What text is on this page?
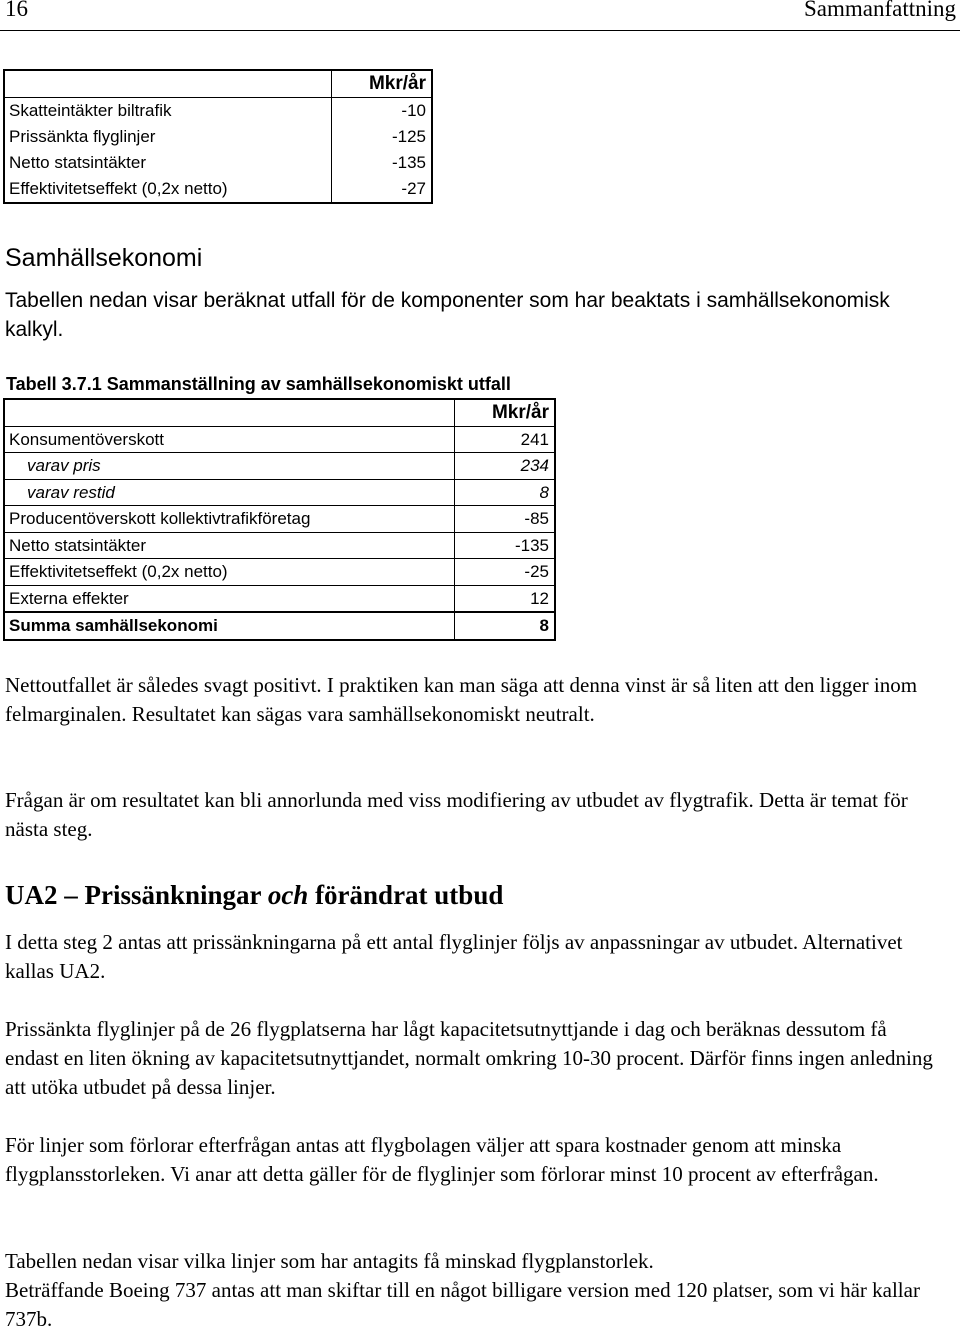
16	Sammanfattning
	Mkr/år
Skatteintäkter biltrafik	-10
Prissänkta flyglinjer	-125
Netto statsintäkter	-135
Effektivitetseffekt (0,2x netto)	-27
Samhällsekonomi
Tabellen nedan visar beräknat utfall för de komponenter som har beaktats i samhällsekonomisk kalkyl.
Tabell 3.7.1 Sammanställning av samhällsekonomiskt utfall
	Mkr/år
Konsumentöverskott	241
varav pris	234
varav restid	8
Producentöverskott kollektivtrafikföretag	-85
Netto statsintäkter	-135
Effektivitetseffekt (0,2x netto)	-25
Externa effekter	12
Summa samhällsekonomi	8
Nettoutfallet är således svagt positivt. I praktiken kan man säga att denna vinst är så liten att den ligger inom felmarginalen. Resultatet kan sägas vara samhällsekonomiskt neutralt.
Frågan är om resultatet kan bli annorlunda med viss modifiering av utbudet av flygtrafik. Detta är temat för nästa steg.
UA2 – Prissänkningar och förändrat utbud
I detta steg 2 antas att prissänkningarna på ett antal flyglinjer följs av anpassningar av utbudet. Alternativet kallas UA2.
Prissänkta flyglinjer på de 26 flygplatserna har lågt kapacitetsutnyttjande i dag och beräknas dessutom få endast en liten ökning av kapacitetsutnyttjandet, normalt omkring 10-30 procent. Därför finns ingen anledning att utöka utbudet på dessa linjer.
För linjer som förlorar efterfrågan antas att flygbolagen väljer att spara kostnader genom att minska flygplansstorleken. Vi anar att detta gäller för de flyglinjer som förlorar minst 10 procent av efterfrågan.
Tabellen nedan visar vilka linjer som har antagits få minskad flygplanstorlek.
Beträffande Boeing 737 antas att man skiftar till en något billigare version med 120 platser, som vi här kallar 737b.
